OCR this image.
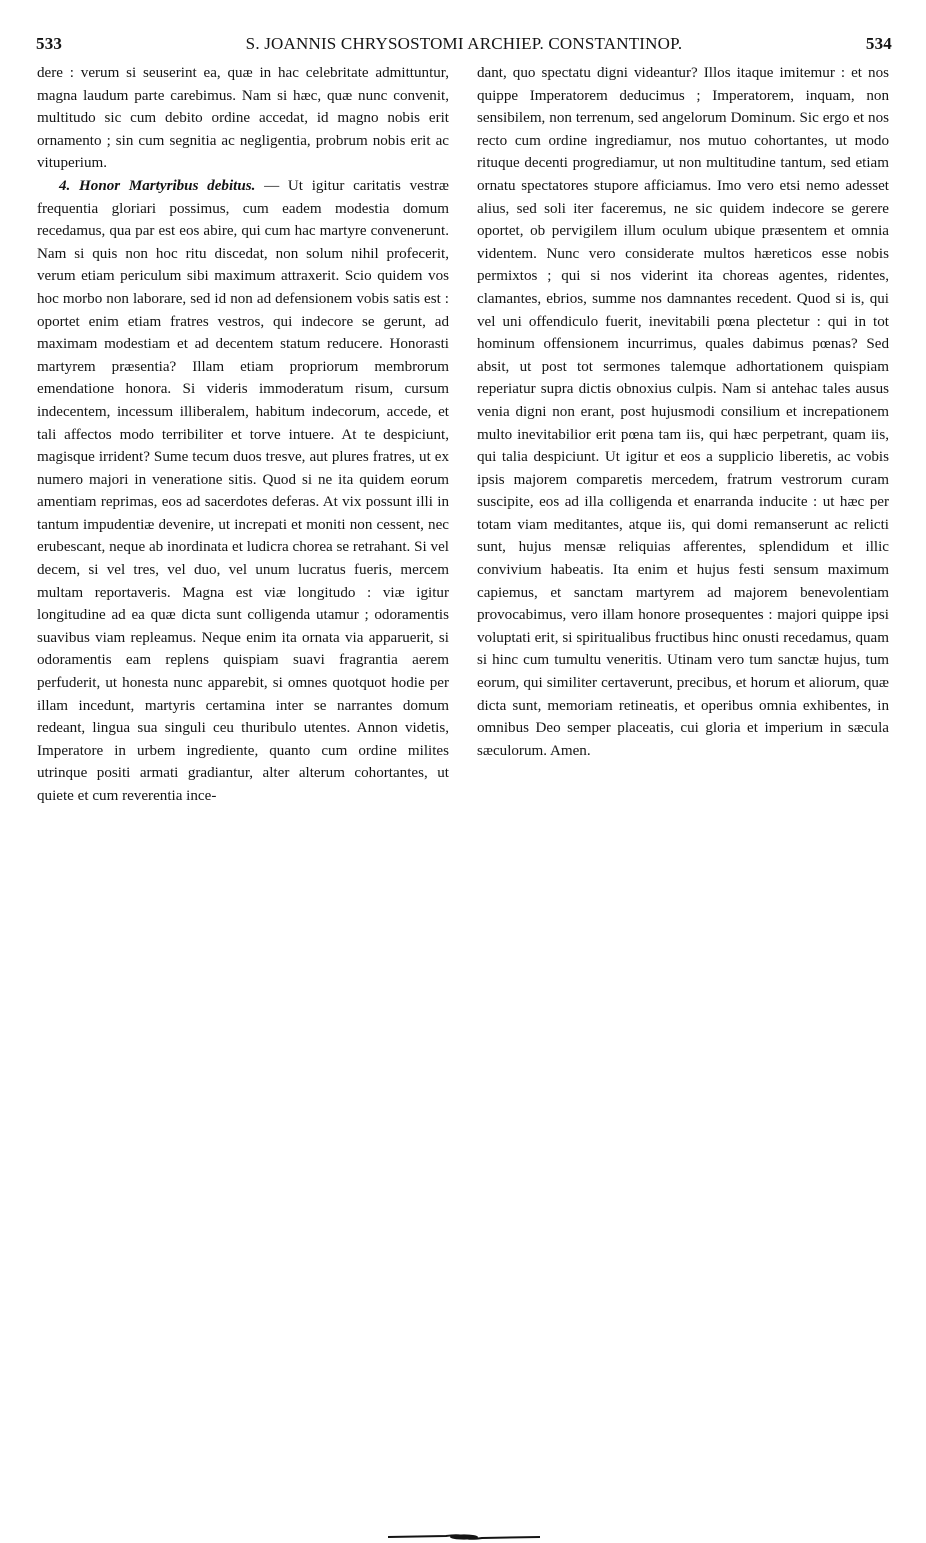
533	S. JOANNIS CHRYSOSTOMI ARCHIEP. CONSTANTINOP.	534

dere : verum si seuserint ea, quæ in hac celebritate admittuntur, magna laudum parte carebimus. Nam si hæc, quæ nunc convenit, multitudo sic cum debito ordine accedat, id magno nobis erit ornamento ; sin cum segnitia ac negligentia, probrum nobis erit ac vituperium.

4. Honor Martyribus debitus. — Ut igitur caritatis vestræ frequentia gloriari possimus, cum eadem modestia domum recedamus, qua par est eos abire, qui cum hac martyre convenerunt. Nam si quis non hoc ritu discedat, non solum nihil profecerit, verum etiam periculum sibi maximum attraxerit. Scio quidem vos hoc morbo non laborare, sed id non ad defensionem vobis satis est : oportet enim etiam fratres vestros, qui indecore se gerunt, ad maximam modestiam et ad decentem statum reducere. Honorasti martyrem præsentia? Illam etiam propriorum membrorum emendatione honora. Si videris immoderatum risum, cursum indecentem, incessum illiberalem, habitum indecorum, accede, et tali affectos modo terribiliter et torve intuere. At te despiciunt, magisque irrident? Sume tecum duos tresve, aut plures fratres, ut ex numero majori in veneratione sitis. Quod si ne ita quidem eorum amentiam reprimas, eos ad sacerdotes deferas. At vix possunt illi in tantum impudentiæ devenire, ut increpati et moniti non cessent, nec erubescant, neque ab inordinata et ludicra chorea se retrahant. Si vel decem, si vel tres, vel duo, vel unum lucratus fueris, mercem multam reportaveris. Magna est viæ longitudo : viæ igitur longitudine ad ea quæ dicta sunt colligenda utamur ; odoramentis suavibus viam repleamus. Neque enim ita ornata via apparuerit, si odoramentis eam replens quispiam suavi fragrantia aerem perfuderit, ut honesta nunc apparebit, si omnes quotquot hodie per illam incedunt, martyris certamina inter se narrantes domum redeant, lingua sua singuli ceu thuribulo utentes. Annon videtis, Imperatore in urbem ingrediente, quanto cum ordine milites utrinque positi armati gradiantur, alter alterum cohortantes, ut quiete et cum reverentia ince-

dant, quo spectatu digni videantur? Illos itaque imitemur : et nos quippe Imperatorem deducimus ; Imperatorem, inquam, non sensibilem, non terrenum, sed angelorum Dominum. Sic ergo et nos recto cum ordine ingrediamur, nos mutuo cohortantes, ut modo rituque decenti progrediamur, ut non multitudine tantum, sed etiam ornatu spectatores stupore afficiamus. Imo vero etsi nemo adesset alius, sed soli iter faceremus, ne sic quidem indecore se gerere oportet, ob pervigilem illum oculum ubique præsentem et omnia videntem. Nunc vero considerate multos hæreticos esse nobis permixtos ; qui si nos viderint ita choreas agentes, ridentes, clamantes, ebrios, summe nos damnantes recedent. Quod si is, qui vel uni offendiculo fuerit, inevitabili pœna plectetur : qui in tot hominum offensionem incurrimus, quales dabimus pœnas? Sed absit, ut post tot sermones talemque adhortationem quispiam reperiatur supra dictis obnoxius culpis. Nam si antehac tales ausus venia digni non erant, post hujusmodi consilium et increpationem multo inevitabilior erit pœna tam iis, qui hæc perpetrant, quam iis, qui talia despiciunt. Ut igitur et eos a supplicio liberetis, ac vobis ipsis majorem comparetis mercedem, fratrum vestrorum curam suscipite, eos ad illa colligenda et enarranda inducite : ut hæc per totam viam meditantes, atque iis, qui domi remanserunt ac relicti sunt, hujus mensæ reliquias afferentes, splendidum et illic convivium habeatis. Ita enim et hujus festi sensum maximum capiemus, et sanctam martyrem ad majorem benevolentiam provocabimus, vero illam honore prosequentes : majori quippe ipsi voluptati erit, si spiritualibus fructibus hinc onusti recedamus, quam si hinc cum tumultu veneritis. Utinam vero tum sanctæ hujus, tum eorum, qui similiter certaverunt, precibus, et horum et aliorum, quæ dicta sunt, memoriam retineatis, et operibus omnia exhibentes, in omnibus Deo semper placeatis, cui gloria et imperium in sæcula sæculorum. Amen.
